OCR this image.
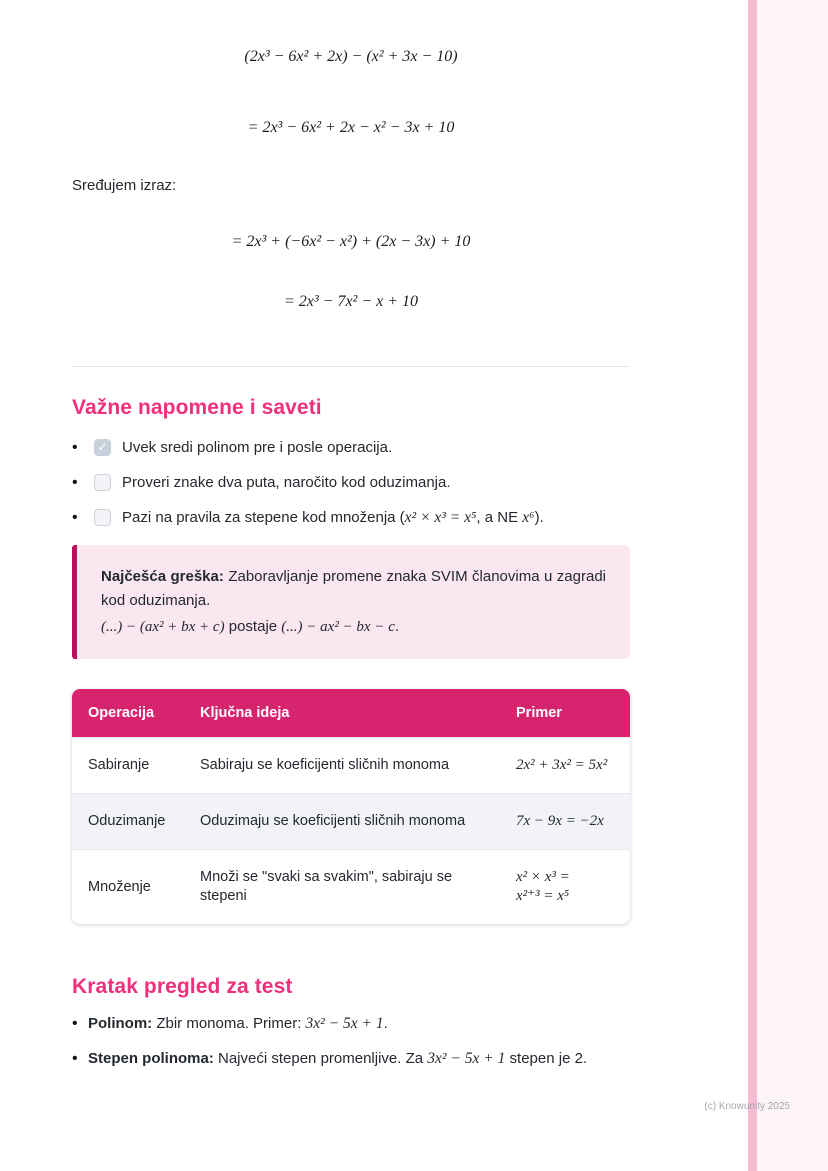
(2x³ − 6x² + 2x) − (x² + 3x − 10)
= 2x³ − 6x² + 2x − x² − 3x + 10

Sređujem izraz:

= 2x³ + (−6x² − x²) + (2x − 3x) + 10
= 2x³ − 7x² − x + 10
Važne napomene i saveti
•	✓ Uvek sredi polinom pre i posle operacija.
•	Proveri znake dva puta, naročito kod oduzimanja.
•	Pazi na pravila za stepene kod množenja (x² × x³ = x⁵, a NE x⁶).

Najčešća greška: Zaboravljanje promene znaka SVIM članovima u zagradi kod oduzimanja.

(...) − (ax² + bx + c) postaje (...) − ax² − bx − c.

Operacija	Ključna ideja	Primer
Sabiranje	Sabiraju se koeficijenti sličnih monoma	2x² + 3x² = 5x²
Oduzimanje	Oduzimaju se koeficijenti sličnih monoma	7x − 9x = −2x
Množenje	Množi se "svaki sa svakim", sabiraju se stepeni	x² × x³ =
x²⁺³ = x⁵
Kratak pregled za test
• Polinom: Zbir monoma. Primer: 3x² − 5x + 1.
• Stepen polinoma: Najveći stepen promenljive. Za 3x² − 5x + 1 stepen je 2.
(c) Knowunity 2025
